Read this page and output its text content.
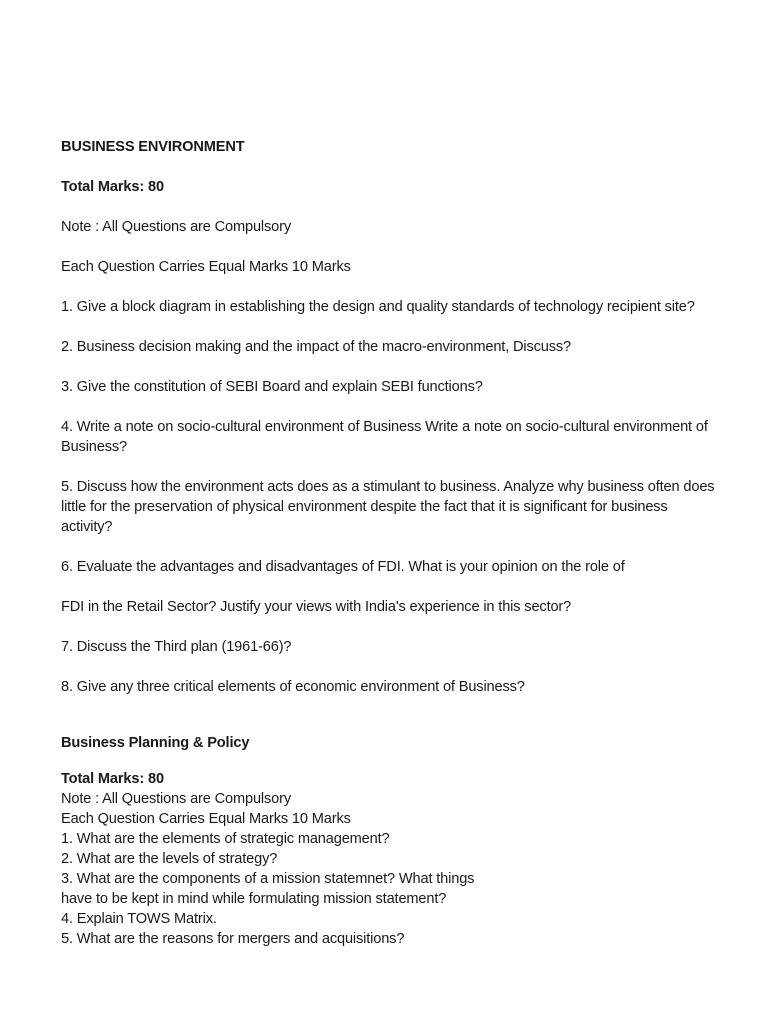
BUSINESS ENVIRONMENT

Total Marks: 80

Note : All Questions are Compulsory

Each Question Carries Equal Marks 10 Marks

1. Give a block diagram in establishing the design and quality standards of technology recipient site?

2. Business decision making and the impact of the macro-environment, Discuss?

3. Give the constitution of SEBI Board and explain SEBI functions?

4. Write a note on socio-cultural environment of Business Write a note on socio-cultural environment of Business?

5. Discuss how the environment acts does as a stimulant to business. Analyze why business often does little for the preservation of physical environment despite the fact that it is significant for business activity?

6. Evaluate the advantages and disadvantages of FDI. What is your opinion on the role of

FDI in the Retail Sector? Justify your views with India's experience in this sector?

7. Discuss the Third plan (1961-66)?

8. Give any three critical elements of economic environment of Business?

Business Planning & Policy

Total Marks: 80

Note : All Questions are Compulsory

Each Question Carries Equal Marks 10 Marks

1. What are the elements of strategic management?

2. What are the levels of strategy?

3. What are the components of a mission statemnet? What things

have to be kept in mind while formulating mission statement?

4. Explain TOWS Matrix.

5. What are the reasons for mergers and acquisitions?
